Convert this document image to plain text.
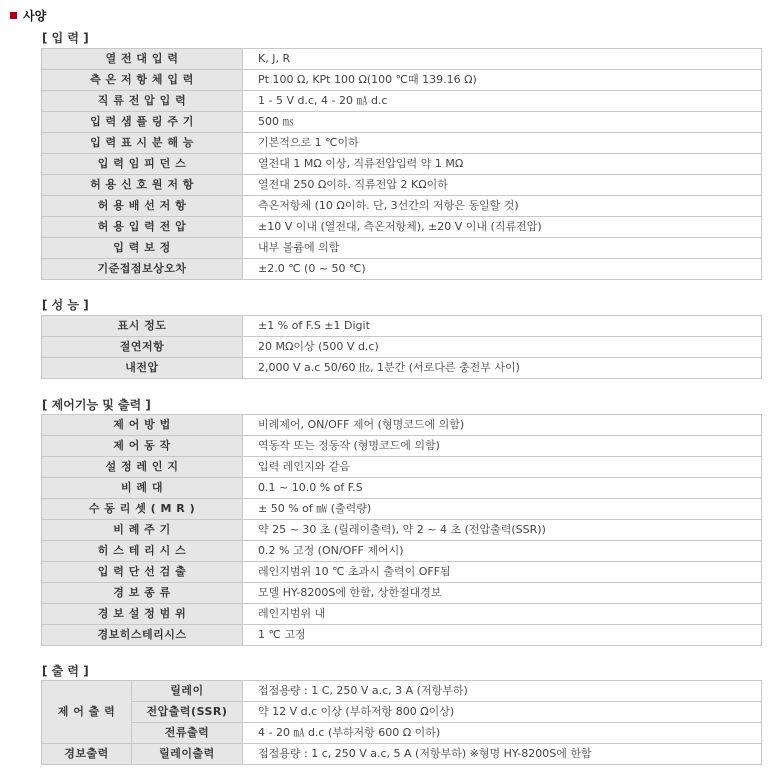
사양
[ 입 력 ]
열 전 대 입 력	K, J, R
측 온 저 항 체 입 력	Pt 100 Ω, KPt 100 Ω(100 ℃때 139.16 Ω)
직 류 전 압 입 력	1 - 5 V d.c, 4 - 20 ㎃ d.c
입 력 샘 플 링 주 기	500 ㎳
입 력 표 시 분 해 능	기본적으로 1 ℃이하
입 력 임 피 던 스	열전대 1 MΩ 이상, 직류전압입력 약 1 MΩ
허 용 신 호 원 저 항	열전대 250 Ω이하. 직류전압 2 KΩ이하
허 용 배 선 저 항	측온저항체 (10 Ω이하. 단, 3선간의 저항은 동일할 것)
허 용 입 력 전 압	±10 V 이내 (열전대, 측온저항체), ±20 V 이내 (직류전압)
입 력 보 정	내부 볼륨에 의함
기준접점보상오차	±2.0 ℃ (0 ~ 50 ℃)
[ 성 능 ]
표시 정도	±1 % of F.S ±1 Digit
절연저항	20 MΩ이상 (500 V d.c)
내전압	2,000 V a.c 50/60 ㎐, 1분간 (서로다른 충전부 사이)
[ 제어기능 및 출력 ]
제 어 방 법	비례제어, ON/OFF 제어 (형명코드에 의함)
제 어 동 작	역동작 또는 정동작 (형명코드에 의함)
설 정 레 인 지	입력 레인지와 같음
비 례 대	0.1 ~ 10.0 % of F.S
수 동 리 셋 ( M R )	± 50 % of ㎽ (출력량)
비 례 주 기	약 25 ~ 30 초 (릴레이출력), 약 2 ~ 4 초 (전압출력(SSR))
히 스 테 리 시 스	0.2 % 고정 (ON/OFF 제어시)
입 력 단 선 검 출	레인지범위 10 ℃ 초과시 출력이 OFF됨
경 보 종 류	모델 HY-8200S에 한함, 상한절대경보
경 보 설 정 범 위	레인지범위 내
경보히스테리시스	1 ℃ 고정
[ 출 력 ]
제 어 출 력	릴레이	접점용량 : 1 C, 250 V a.c, 3 A (저항부하)
	전압출력(SSR)	약 12 V d.c 이상 (부하저항 800 Ω이상)
	전류출력	4 - 20 ㎃ d.c (부하저항 600 Ω 이하)
경보출력	릴레이출력	접점용량 : 1 c, 250 V a.c, 5 A (저항부하) ※형명 HY-8200S에 한함
